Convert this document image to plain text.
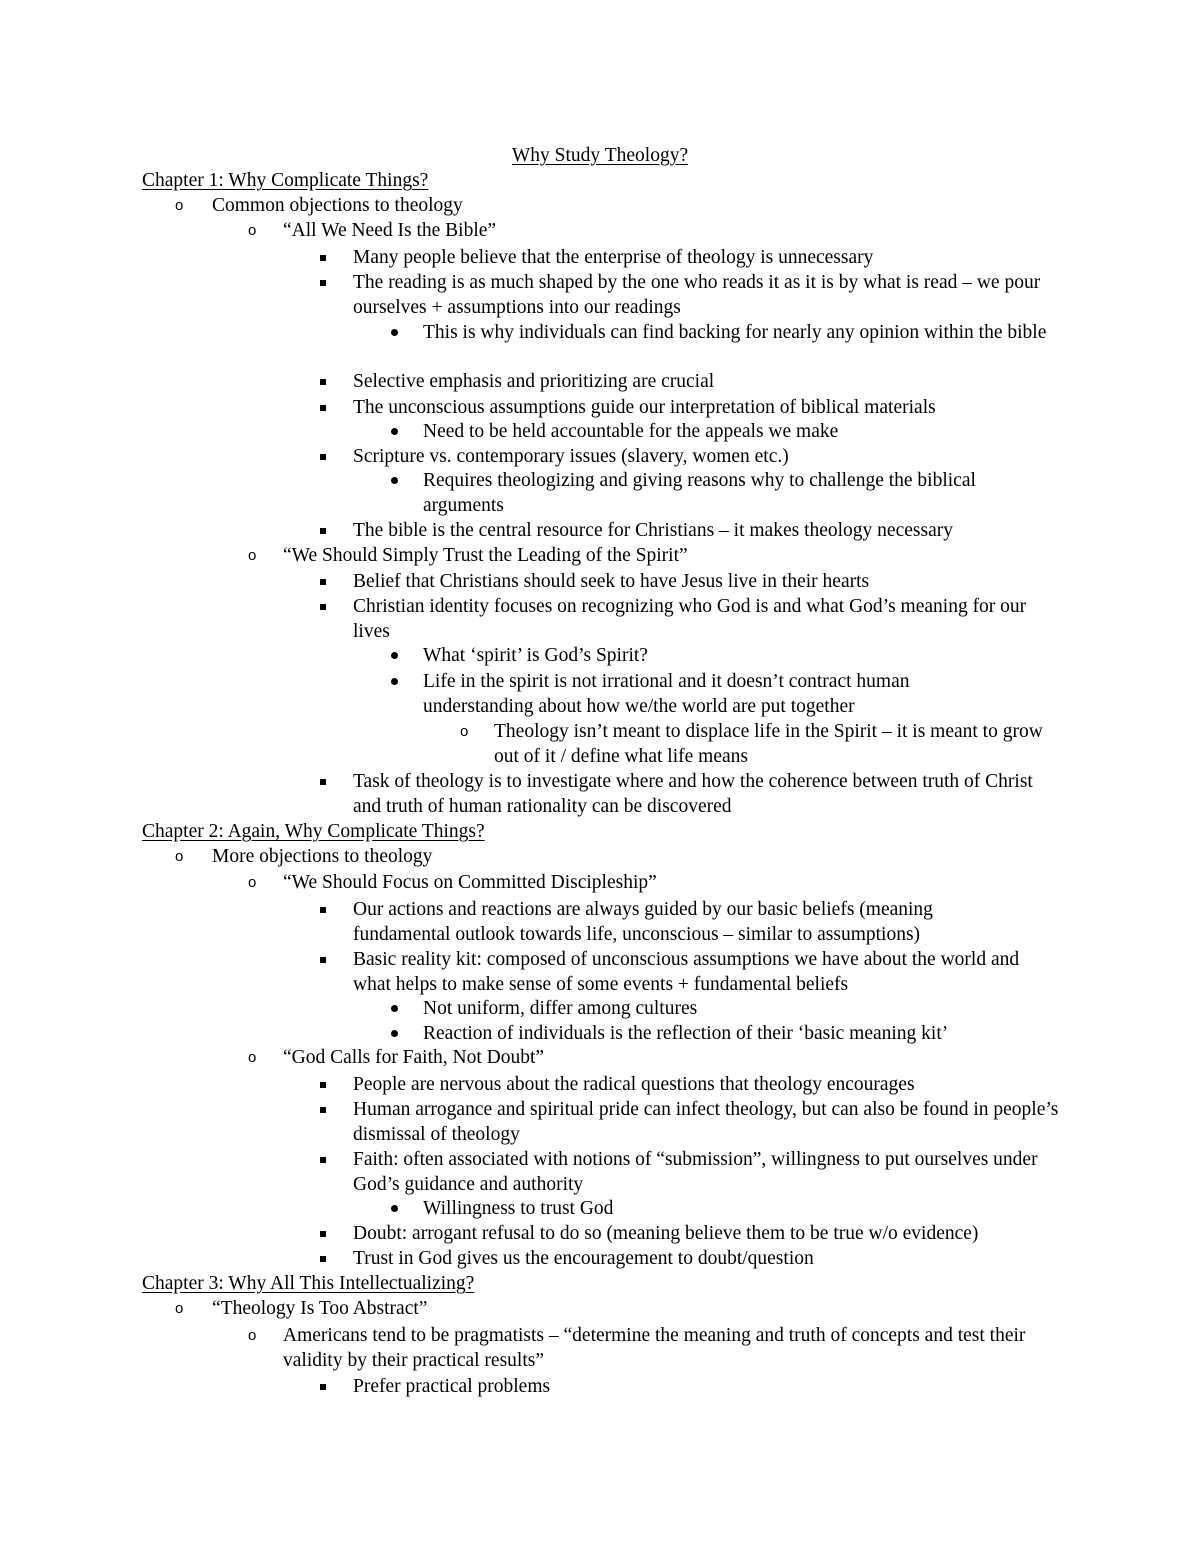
Why Study Theology?
Chapter 1: Why Complicate Things?
o Common objections to theology
o “All We Need Is the Bible”
Many people believe that the enterprise of theology is unnecessary
The reading is as much shaped by the one who reads it as it is by what is read – we pour ourselves + assumptions into our readings
This is why individuals can find backing for nearly any opinion within the bible
Selective emphasis and prioritizing are crucial
The unconscious assumptions guide our interpretation of biblical materials
Need to be held accountable for the appeals we make
Scripture vs. contemporary issues (slavery, women etc.)
Requires theologizing and giving reasons why to challenge the biblical arguments
The bible is the central resource for Christians – it makes theology necessary
o “We Should Simply Trust the Leading of the Spirit”
Belief that Christians should seek to have Jesus live in their hearts
Christian identity focuses on recognizing who God is and what God’s meaning for our lives
What ‘spirit’ is God’s Spirit?
Life in the spirit is not irrational and it doesn’t contract human understanding about how we/the world are put together
o Theology isn’t meant to displace life in the Spirit – it is meant to grow out of it / define what life means
Task of theology is to investigate where and how the coherence between truth of Christ and truth of human rationality can be discovered
Chapter 2: Again, Why Complicate Things?
o More objections to theology
o “We Should Focus on Committed Discipleship”
Our actions and reactions are always guided by our basic beliefs (meaning fundamental outlook towards life, unconscious – similar to assumptions)
Basic reality kit: composed of unconscious assumptions we have about the world and what helps to make sense of some events + fundamental beliefs
Not uniform, differ among cultures
Reaction of individuals is the reflection of their ‘basic meaning kit’
o “God Calls for Faith, Not Doubt”
People are nervous about the radical questions that theology encourages
Human arrogance and spiritual pride can infect theology, but can also be found in people’s dismissal of theology
Faith: often associated with notions of “submission”, willingness to put ourselves under God’s guidance and authority
Willingness to trust God
Doubt: arrogant refusal to do so (meaning believe them to be true w/o evidence)
Trust in God gives us the encouragement to doubt/question
Chapter 3: Why All This Intellectualizing?
o “Theology Is Too Abstract”
o Americans tend to be pragmatists – “determine the meaning and truth of concepts and test their validity by their practical results”
Prefer practical problems
